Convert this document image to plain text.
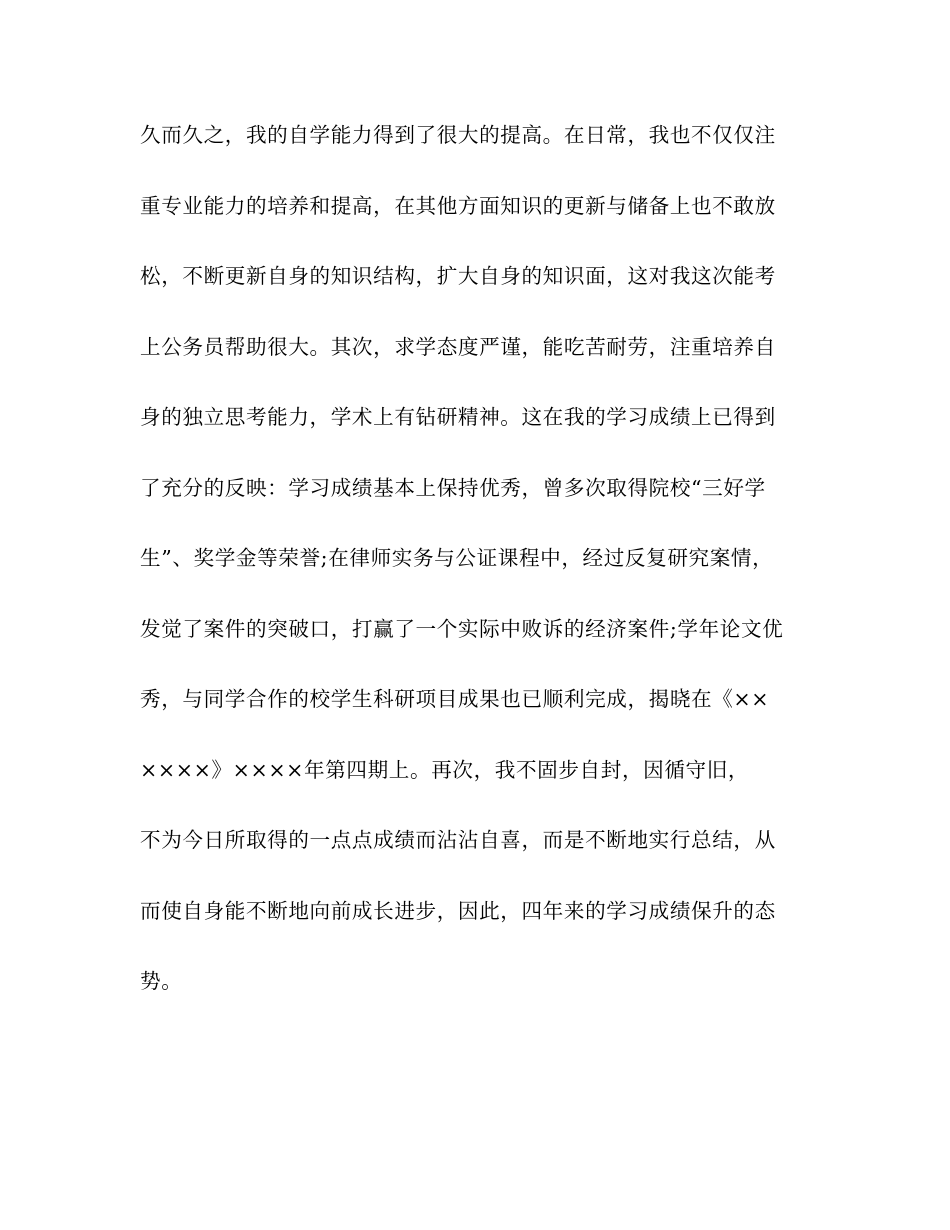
久而久之，我的自学能力得到了很大的提高。在日常，我也不仅仅注
重专业能力的培养和提高，在其他方面知识的更新与储备上也不敢放
松，不断更新自身的知识结构，扩大自身的知识面，这对我这次能考
上公务员帮助很大。其次，求学态度严谨，能吃苦耐劳，注重培养自
身的独立思考能力，学术上有钻研精神。这在我的学习成绩上已得到
了充分的反映：学习成绩基本上保持优秀，曾多次取得院校“三好学
生”、奖学金等荣誉;在律师实务与公证课程中，经过反复研究案情，
发觉了案件的突破口，打赢了一个实际中败诉的经济案件;学年论文优
秀，与同学合作的校学生科研项目成果也已顺利完成，揭晓在《××
××××》××××年第四期上。再次，我不固步自封，因循守旧，
不为今日所取得的一点点成绩而沾沾自喜，而是不断地实行总结，从
而使自身能不断地向前成长进步，因此，四年来的学习成绩保升的态
势。
